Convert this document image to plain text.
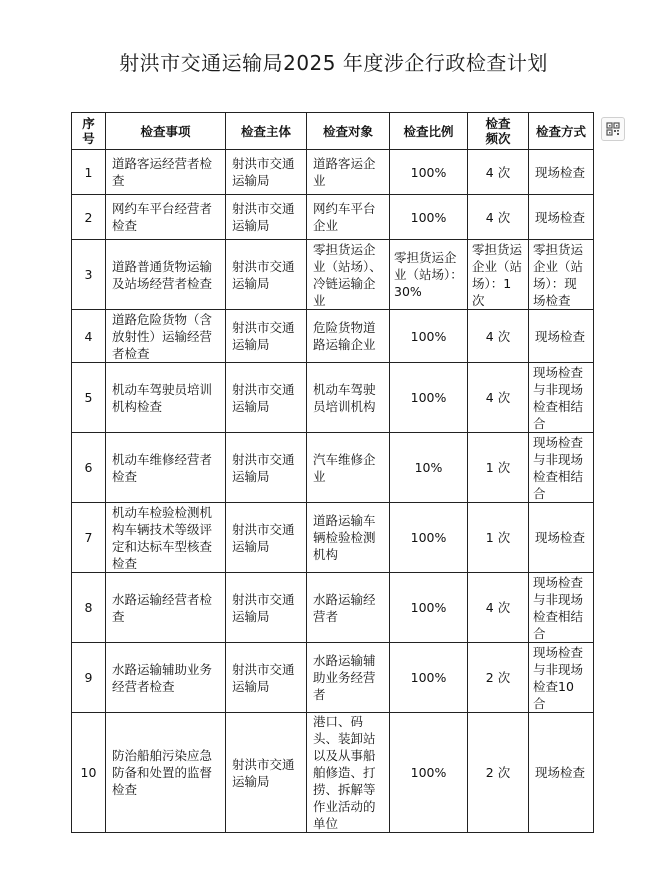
射洪市交通运输局2025 年度涉企行政检查计划
序号	检查事项	检查主体	检查对象	检查比例	检查频次	检查方式
1	道路客运经营者检查	射洪市交通运输局	道路客运企业	100%	4 次	现场检查
2	网约车平台经营者检查	射洪市交通运输局	网约车平台企业	100%	4 次	现场检查
3	道路普通货物运输及站场经营者检查	射洪市交通运输局	零担货运企业（站场）、冷链运输企业	零担货运企业（站场）：30%	零担货运企业（站场）：1 次	零担货运企业（站场）：现场检查
4	道路危险货物（含放射性）运输经营者检查	射洪市交通运输局	危险货物道路运输企业	100%	4 次	现场检查
5	机动车驾驶员培训机构检查	射洪市交通运输局	机动车驾驶员培训机构	100%	4 次	现场检查与非现场检查相结合
6	机动车维修经营者检查	射洪市交通运输局	汽车维修企业	10%	1 次	现场检查与非现场检查相结合
7	机动车检验检测机构车辆技术等级评定和达标车型核查检查	射洪市交通运输局	道路运输车辆检验检测机构	100%	1 次	现场检查
8	水路运输经营者检查	射洪市交通运输局	水路运输经营者	100%	4 次	现场检查与非现场检查相结合
9	水路运输辅助业务经营者检查	射洪市交通运输局	水路运输辅助业务经营者	100%	2 次	现场检查与非现场检查10 合
10	防治船舶污染应急防备和处置的监督检查	射洪市交通运输局	港口、码头、装卸站以及从事船舶修造、打捞、拆解等作业活动的单位	100%	2 次	现场检查
